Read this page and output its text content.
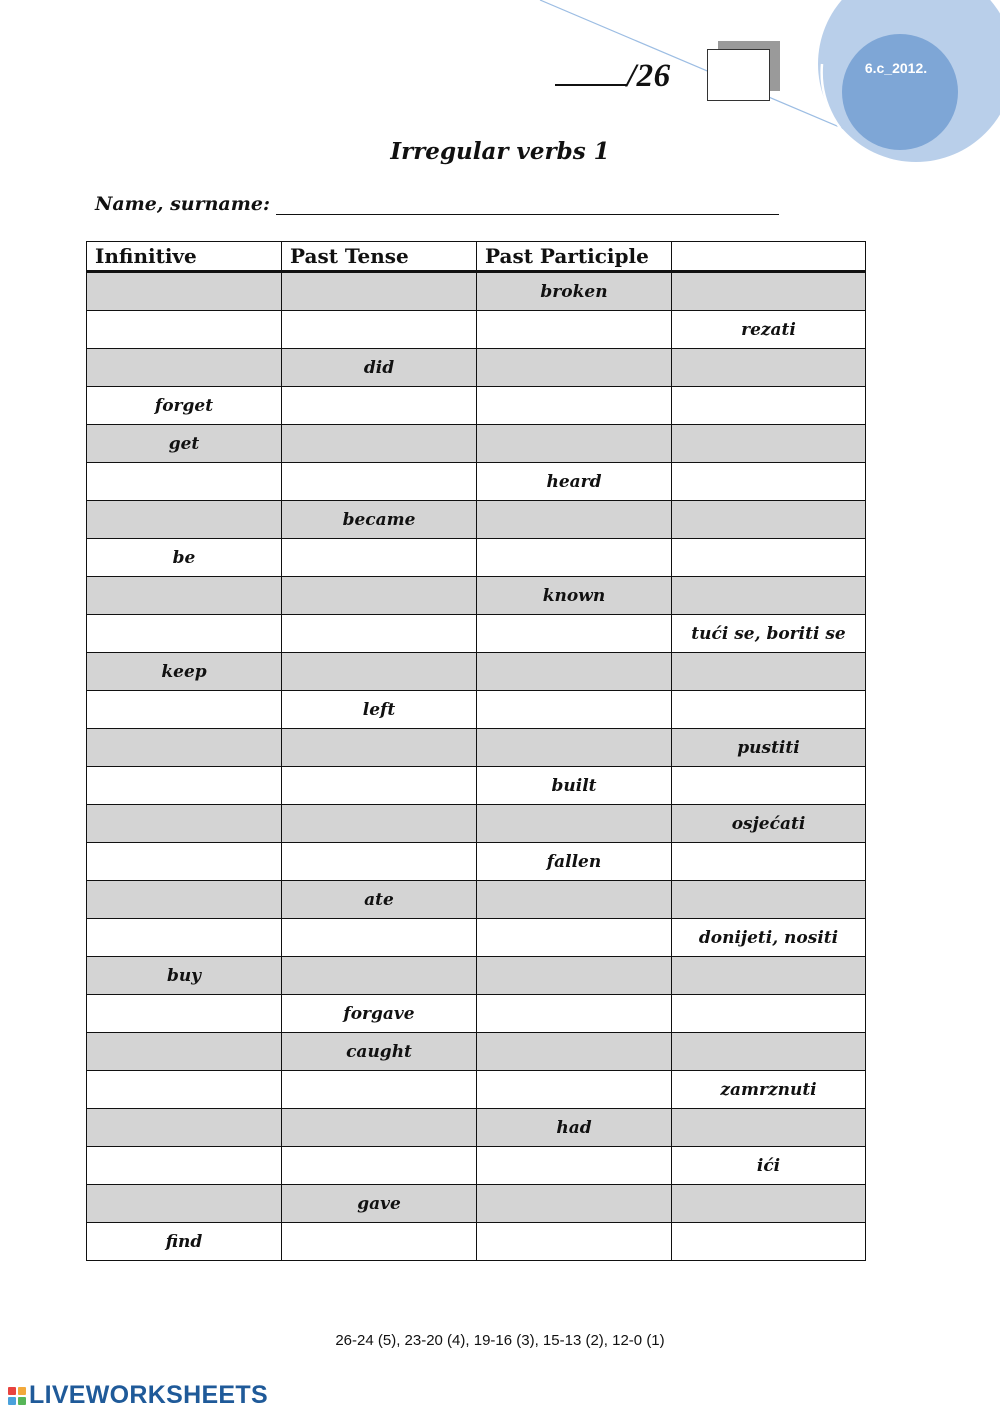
/26	6.c_2012.
Irregular verbs 1
Name, surname:
Infinitive	Past Tense	Past Participle	
		broken	
			rezati
	did		
forget			
get			
		heard	
	became		
be			
		known	
			tući se, boriti se
keep			
	left		
			pustiti
		built	
			osjećati
		fallen	
	ate		
			donijeti, nositi
buy			
	forgave		
	caught		
			zamrznuti
		had	
			ići
	gave		
find			
26-24 (5), 23-20 (4), 19-16 (3), 15-13 (2), 12-0 (1)
LIVEWORKSHEETS
